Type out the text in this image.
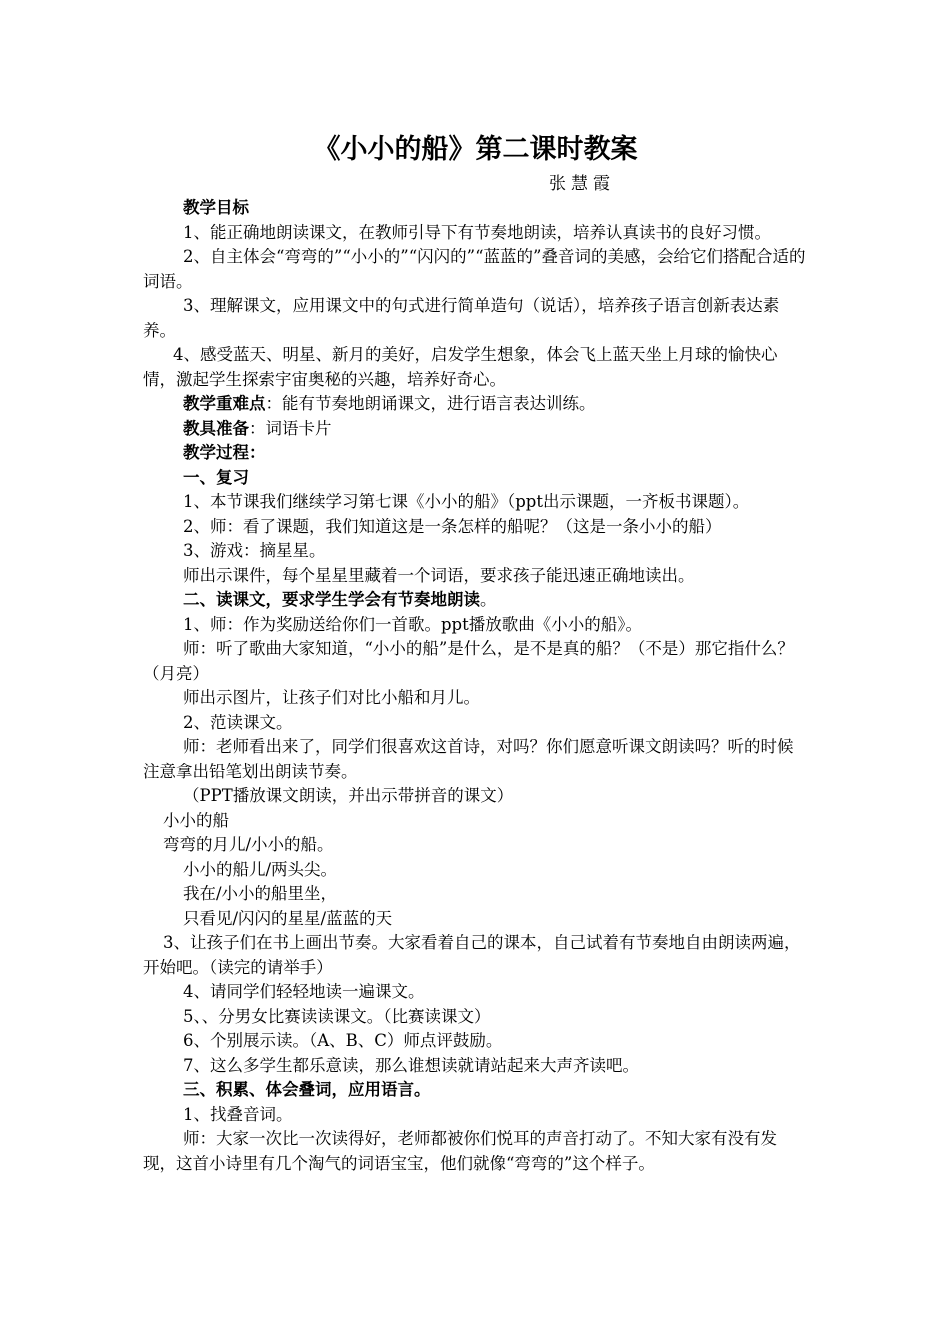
《小小的船》第二课时教案

张慧霞

教学目标

1、能正确地朗读课文，在教师引导下有节奏地朗读，培养认真读书的良好习惯。

2、自主体会“弯弯的”“小小的”“闪闪的”“蓝蓝的”叠音词的美感，会给它们搭配合适的词语。

3、理解课文，应用课文中的句式进行简单造句（说话），培养孩子语言创新表达素养。

4、感受蓝天、明星、新月的美好，启发学生想象，体会飞上蓝天坐上月球的愉快心情，激起学生探索宇宙奥秘的兴趣，培养好奇心。

教学重难点：能有节奏地朗诵课文，进行语言表达训练。

教具准备：词语卡片

教学过程：

一、复习

1、本节课我们继续学习第七课《小小的船》（ppt出示课题，一齐板书课题）。

2、师：看了课题，我们知道这是一条怎样的船呢？（这是一条小小的船）

3、游戏：摘星星。

师出示课件，每个星星里藏着一个词语，要求孩子能迅速正确地读出。

二、读课文，要求学生学会有节奏地朗读。

1、师：作为奖励送给你们一首歌。ppt播放歌曲《小小的船》。

师：听了歌曲大家知道，“小小的船”是什么，是不是真的船？（不是）那它指什么？（月亮）

师出示图片，让孩子们对比小船和月儿。

2、范读课文。

师：老师看出来了，同学们很喜欢这首诗，对吗？你们愿意听课文朗读吗？听的时候注意拿出铅笔划出朗读节奏。

（PPT播放课文朗读，并出示带拼音的课文）

小小的船

弯弯的月儿/小小的船。

小小的船儿/两头尖。

我在/小小的船里坐，

只看见/闪闪的星星/蓝蓝的天

3、让孩子们在书上画出节奏。大家看着自己的课本，自己试着有节奏地自由朗读两遍，开始吧。（读完的请举手）

4、请同学们轻轻地读一遍课文。

5、、分男女比赛读读课文。（比赛读课文）

6、个别展示读。（A、B、C）师点评鼓励。

7、这么多学生都乐意读，那么谁想读就请站起来大声齐读吧。

三、积累、体会叠词，应用语言。

1、找叠音词。

师：大家一次比一次读得好，老师都被你们悦耳的声音打动了。不知大家有没有发现，这首小诗里有几个淘气的词语宝宝，他们就像“弯弯的”这个样子。
